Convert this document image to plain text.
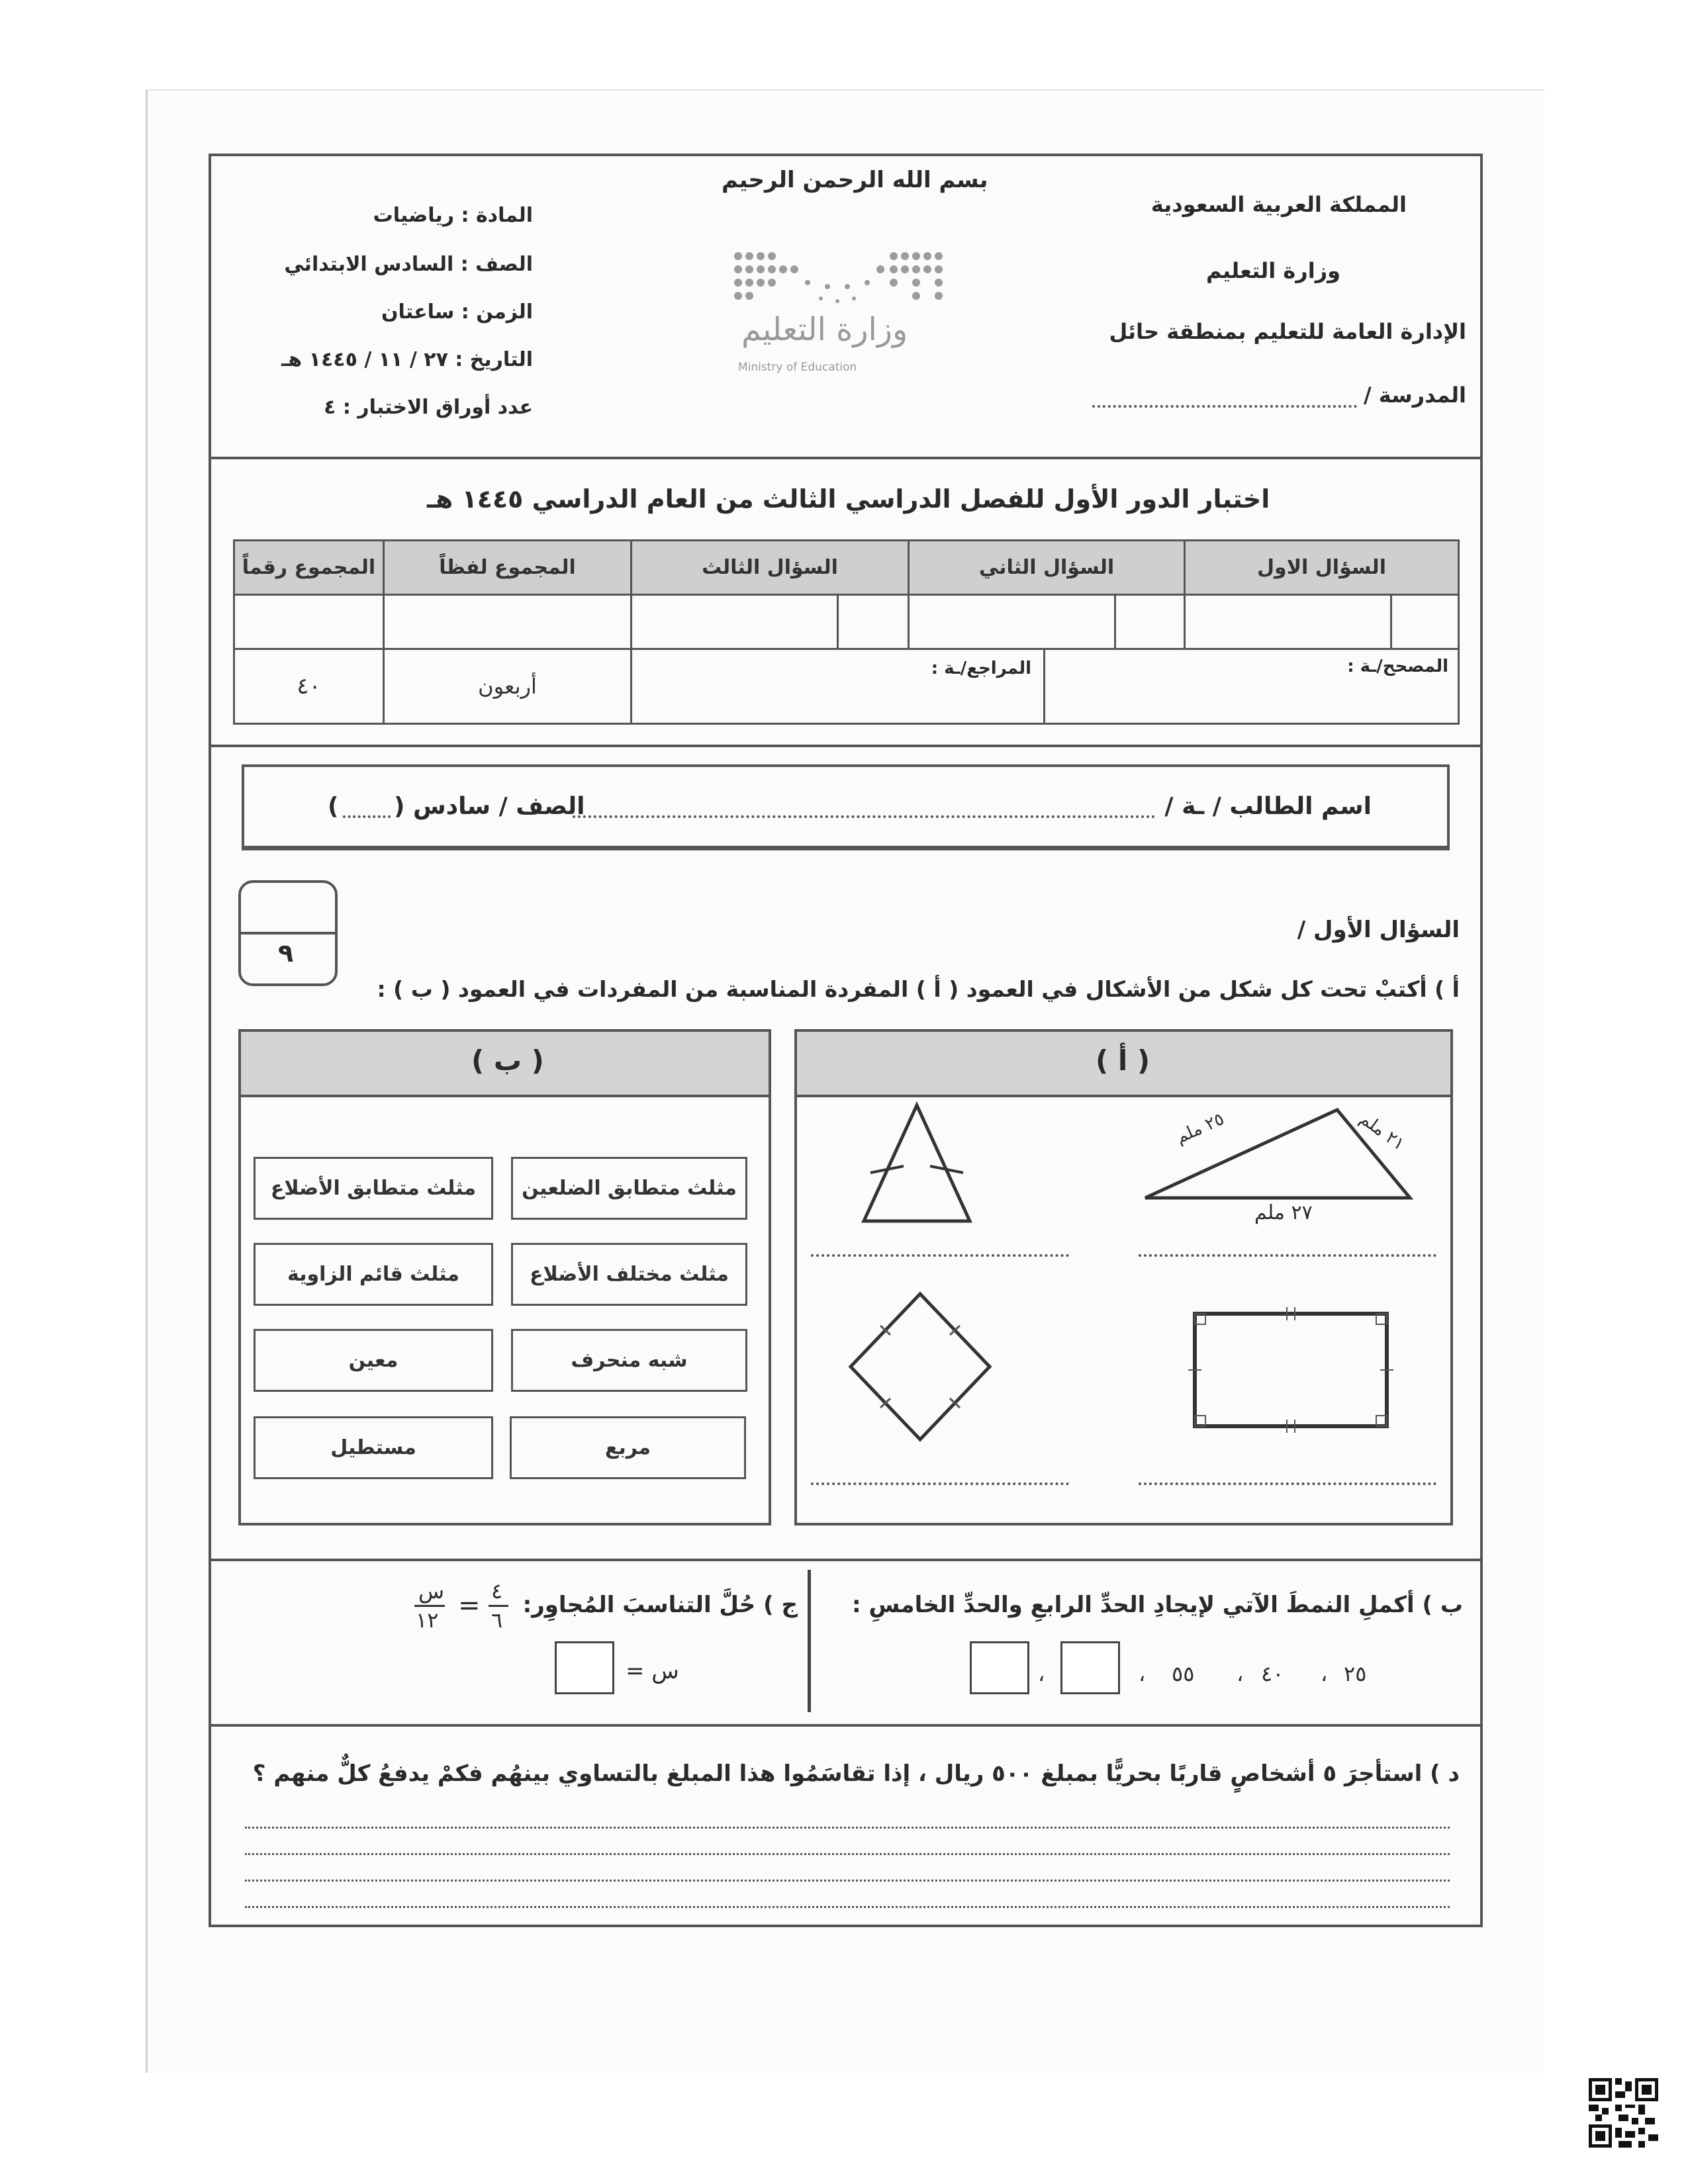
بسم الله الرحمن الرحيم
المملكة العربية السعودية
وزارة التعليم
الإدارة العامة للتعليم بمنطقة حائل
المدرسة /
المادة : رياضيات
الصف : السادس الابتدائي
الزمن : ساعتان
التاريخ : ٢٧ / ١١ / ١٤٤٥ هـ
عدد أوراق الاختبار : ٤
وزارة التعليم
Ministry of Education
اختبار الدور الأول للفصل الدراسي الثالث من العام الدراسي ١٤٤٥ هـ
السؤال الاول
السؤال الثاني
السؤال الثالث
المجموع لفظاً
المجموع رقماً
المصحح/ـة :
المراجع/ـة :
أربعون
٤٠
اسم الطالب / ـة /
الصف / سادس (
)
٩
السؤال الأول /
أ ) أكتبْ تحت كل شكل من الأشكال في العمود ( أ ) المفردة المناسبة من المفردات في العمود ( ب ) :
( أ )
( ب )
٢٥ ملم	٢١ ملم
٢٧ ملم
مثلث متطابق الضلعين
مثلث متطابق الأضلاع
مثلث مختلف الأضلاع
مثلث قائم الزاوية
شبه منحرف
معين
مربع
مستطيل
ب ) أكملِ النمطَ الآتي لإيجادِ الحدِّ الرابعِ والحدِّ الخامسِ :
٢٥
،
٤٠
،
٥٥
،
،
ج ) حُلَّ التناسبَ المُجاوِر:
٤
٦
=
س
١٢
س =
د ) استأجرَ ٥ أشخاصٍ قاربًا بحريًّا بمبلغ ٥٠٠ ريال ، إذا تقاسَمُوا هذا المبلغ بالتساوي بينهُم فكمْ يدفعُ كلٌّ منهم ؟
